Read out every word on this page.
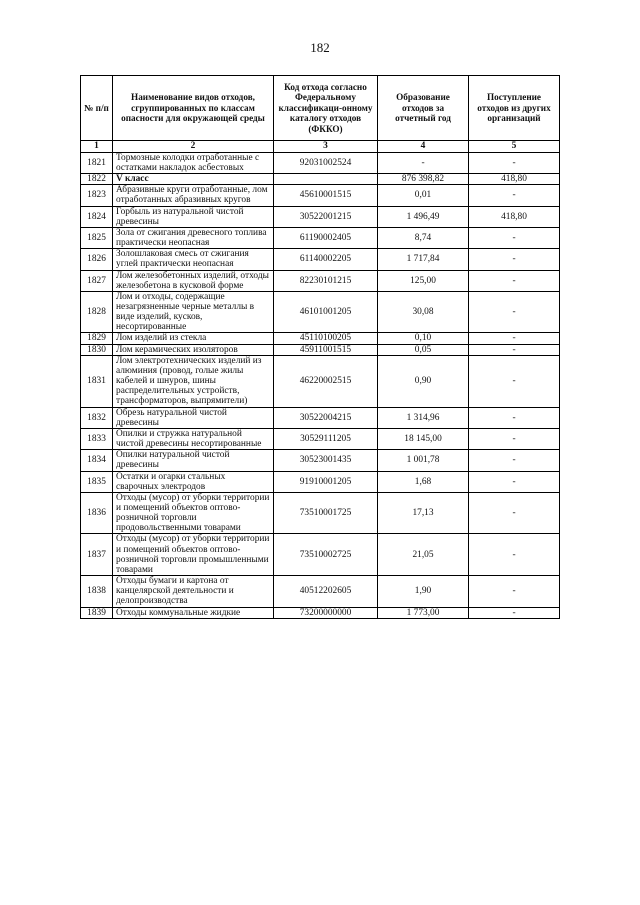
182
№ п/п	Наименование видов отходов, сгруппированных по классам опасности для окружающей среды	Код отхода согласно Федеральному классификаци-онному каталогу отходов (ФККО)	Образование отходов за отчетный год	Поступление отходов из других организаций
1	2	3	4	5
1821	Тормозные колодки отработанные с остатками накладок асбестовых	92031002524	-	-
1822	V класс		876 398,82	418,80
1823	Абразивные круги отработанные, лом отработанных абразивных кругов	45610001515	0,01	-
1824	Горбыль из натуральной чистой древесины	30522001215	1 496,49	418,80
1825	Зола от сжигания древесного топлива практически неопасная	61190002405	8,74	-
1826	Золошлаковая смесь от сжигания углей практически неопасная	61140002205	1 717,84	-
1827	Лом железобетонных изделий, отходы железобетона в кусковой форме	82230101215	125,00	-
1828	Лом и отходы, содержащие незагрязненные черные металлы в виде изделий, кусков, несортированные	46101001205	30,08	-
1829	Лом изделий из стекла	45110100205	0,10	-
1830	Лом керамических изоляторов	45911001515	0,05	-
1831	Лом электротехнических изделий из алюминия (провод, голые жилы кабелей и шнуров, шины распределительных устройств, трансформаторов, выпрямители)	46220002515	0,90	-
1832	Обрезь натуральной чистой древесины	30522004215	1 314,96	-
1833	Опилки и стружка натуральной чистой древесины несортированные	30529111205	18 145,00	-
1834	Опилки натуральной чистой древесины	30523001435	1 001,78	-
1835	Остатки и огарки стальных сварочных электродов	91910001205	1,68	-
1836	Отходы (мусор) от уборки территории и помещений объектов оптово-розничной торговли продовольственными товарами	73510001725	17,13	-
1837	Отходы (мусор) от уборки территории и помещений объектов оптово-розничной торговли промышленными товарами	73510002725	21,05	-
1838	Отходы бумаги и картона от канцелярской деятельности и делопроизводства	40512202605	1,90	-
1839	Отходы коммунальные жидкие	73200000000	1 773,00	-
